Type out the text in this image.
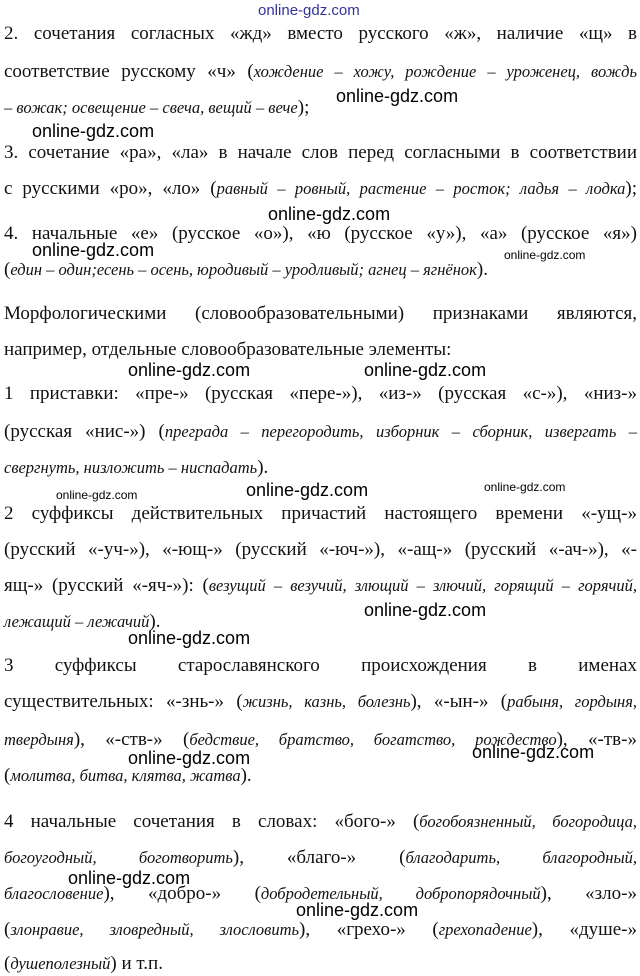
online-gdz.com
2. сочетания согласных «жд» вместо русского «ж», наличие «щ» в
соответствие русскому «ч» (хождение – хожу, рождение – уроженец, вождь
– вожак; освещение – свеча, вещий – вече);
online-gdz.com
online-gdz.com
3. сочетание «ра», «ла» в начале слов перед согласными в соответствии
с русскими «ро», «ло» (равный – ровный, растение – росток; ладья – лодка);
online-gdz.com
4. начальные «е» (русское «о»), «ю (русское «у»), «а» (русское «я»)
online-gdz.com	online-gdz.com
(един – один;есень – осень, юродивый – уродливый; агнец – ягнёнок).
Морфологическими (словообразовательными) признаками являются,
например, отдельные словообразовательные элементы:
online-gdz.com	online-gdz.com
1 приставки: «пре-» (русская «пере-»), «из-» (русская «с-»), «низ-»
(русская «нис-») (преграда – перегородить, изборник – сборник, извергать –
свергнуть, низложить – ниспадать).
online-gdz.com
online-gdz.com
online-gdz.com
2 суффиксы действительных причастий настоящего времени «-ущ-»
(русский «-уч-»), «-ющ-» (русский «-юч-»), «-ащ-» (русский «-ач-»), «-
ящ-» (русский «-яч-»): (везущий – везучий, злющий – злючий, горящий – горячий,
online-gdz.com
лежащий – лежачий).
online-gdz.com
3 суффиксы старославянского происхождения в именах
существительных: «-знь-» (жизнь, казнь, болезнь), «-ын-» (рабыня, гордыня,
твердыня), «-ств-» (бедствие, братство, богатство, рождество), «-тв-»
online-gdz.com	online-gdz.com
(молитва, битва, клятва, жатва).
4 начальные сочетания в словах: «бого-» (богобоязненный, богородица,
богоугодный, боготворить), «благо-» (благодарить, благородный,
online-gdz.com
благословение), «добро-» (добродетельный, добропорядочный), «зло-»
online-gdz.com
(злонравие, зловредный, злословить), «грехо-» (грехопадение), «душе-»
(душеполезный) и т.п.
